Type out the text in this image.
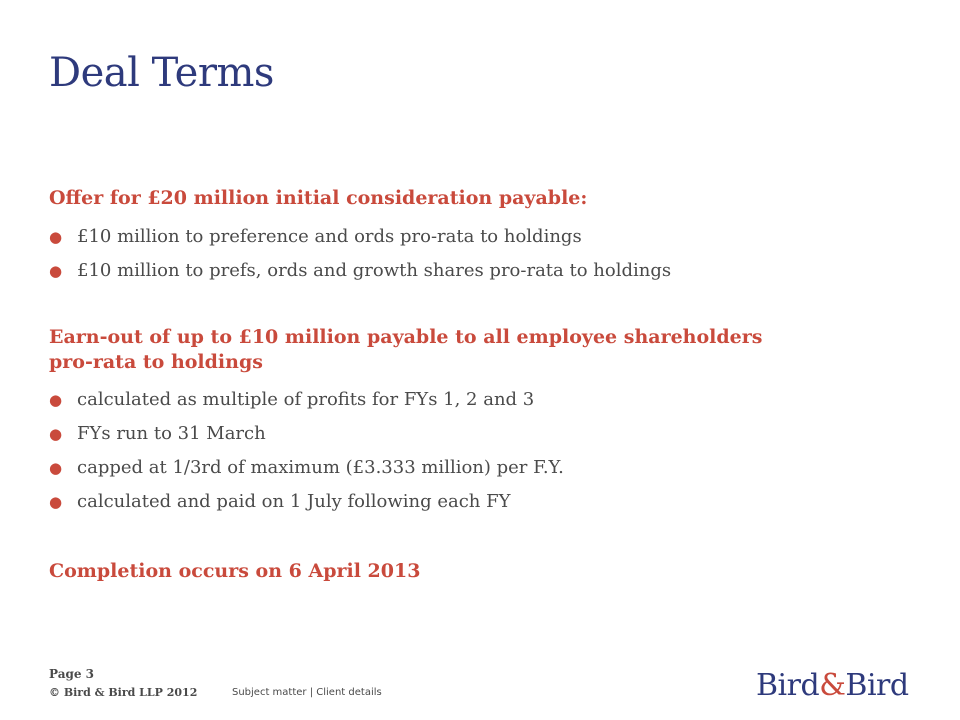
Deal Terms

Offer for £20 million initial consideration payable:

● £10 million to preference and ords pro-rata to holdings
● £10 million to prefs, ords and growth shares pro-rata to holdings

Earn-out of up to £10 million payable to all employee shareholders
pro-rata to holdings

● calculated as multiple of profits for FYs 1, 2 and 3
● FYs run to 31 March
● capped at 1/3rd of maximum (£3.333 million) per F.Y.
● calculated and paid on 1 July following each FY

Completion occurs on 6 April 2013

Page 3
© Bird & Bird LLP 2012	Subject matter | Client details	Bird&Bird
